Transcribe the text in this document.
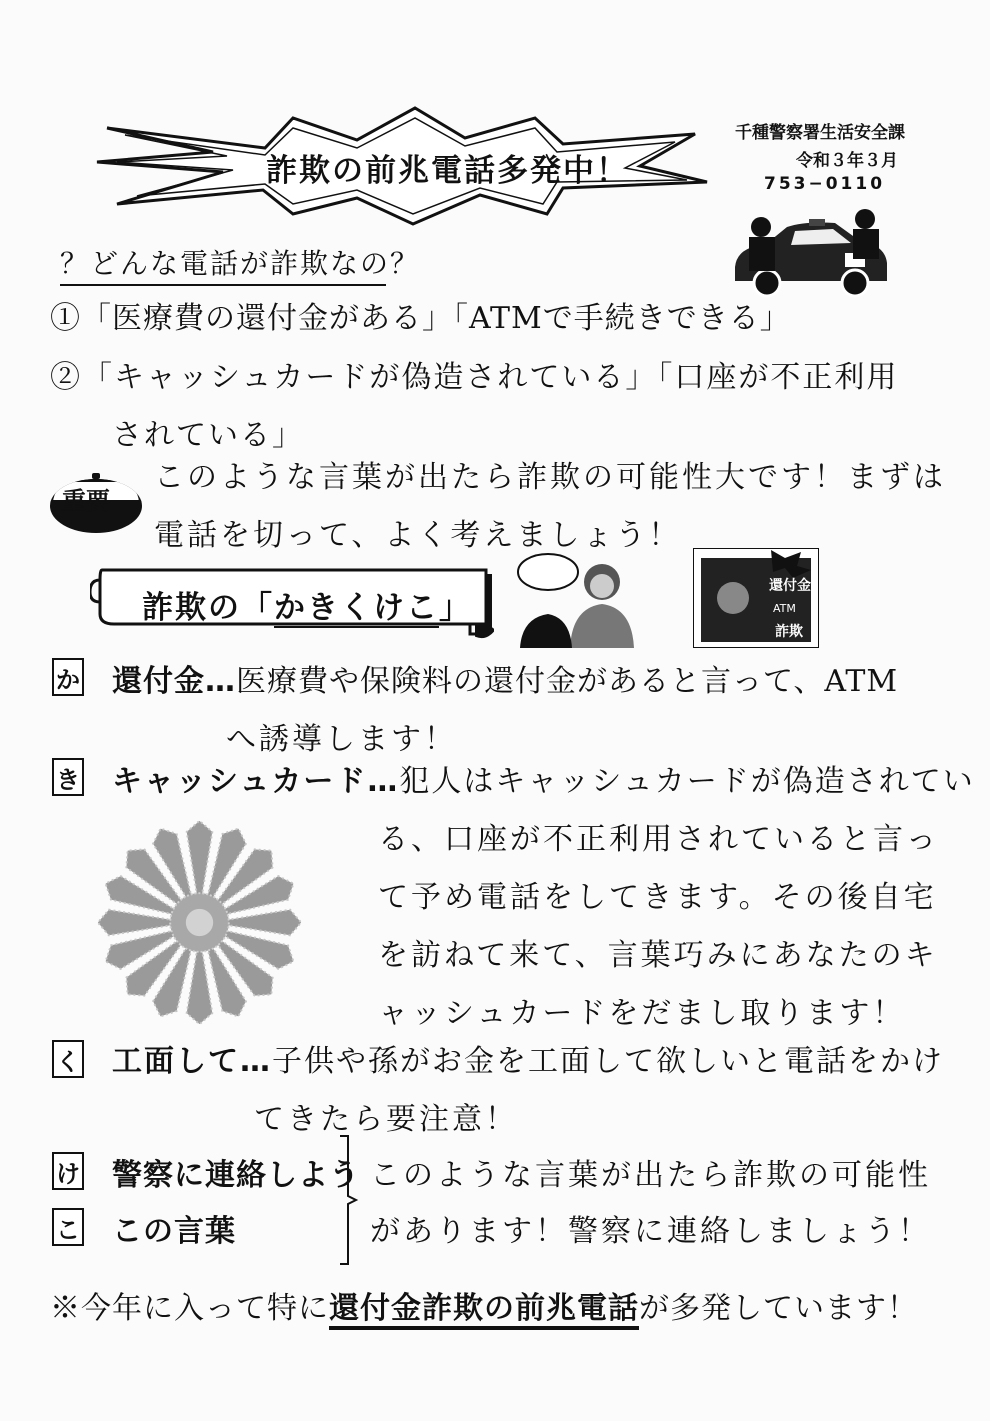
詐欺の前兆電話多発中！
千種警察署生活安全課
令和３年３月
753−0110
？どんな電話が詐欺なの？
①「医療費の還付金がある」「ATMで手続きできる」
②「キャッシュカードが偽造されている」「口座が不正利用
されている」
重要
このような言葉が出たら詐欺の可能性大です！まずは
電話を切って、よく考えましょう！
詐欺の「かきくけこ」
還付金
ATM
詐欺
か 還付金…医療費や保険料の還付金があると言って、ATM
へ誘導します！
き キャッシュカード…犯人はキャッシュカードが偽造されてい
る、口座が不正利用されていると言っ
て予め電話をしてきます。その後自宅
を訪ねて来て、言葉巧みにあなたのキ
ャッシュカードをだまし取ります！
く 工面して…子供や孫がお金を工面して欲しいと電話をかけ
てきたら要注意！
け 警察に連絡しよう
こ この言葉
このような言葉が出たら詐欺の可能性
があります！警察に連絡しましょう！
※今年に入って特に還付金詐欺の前兆電話が多発しています！
